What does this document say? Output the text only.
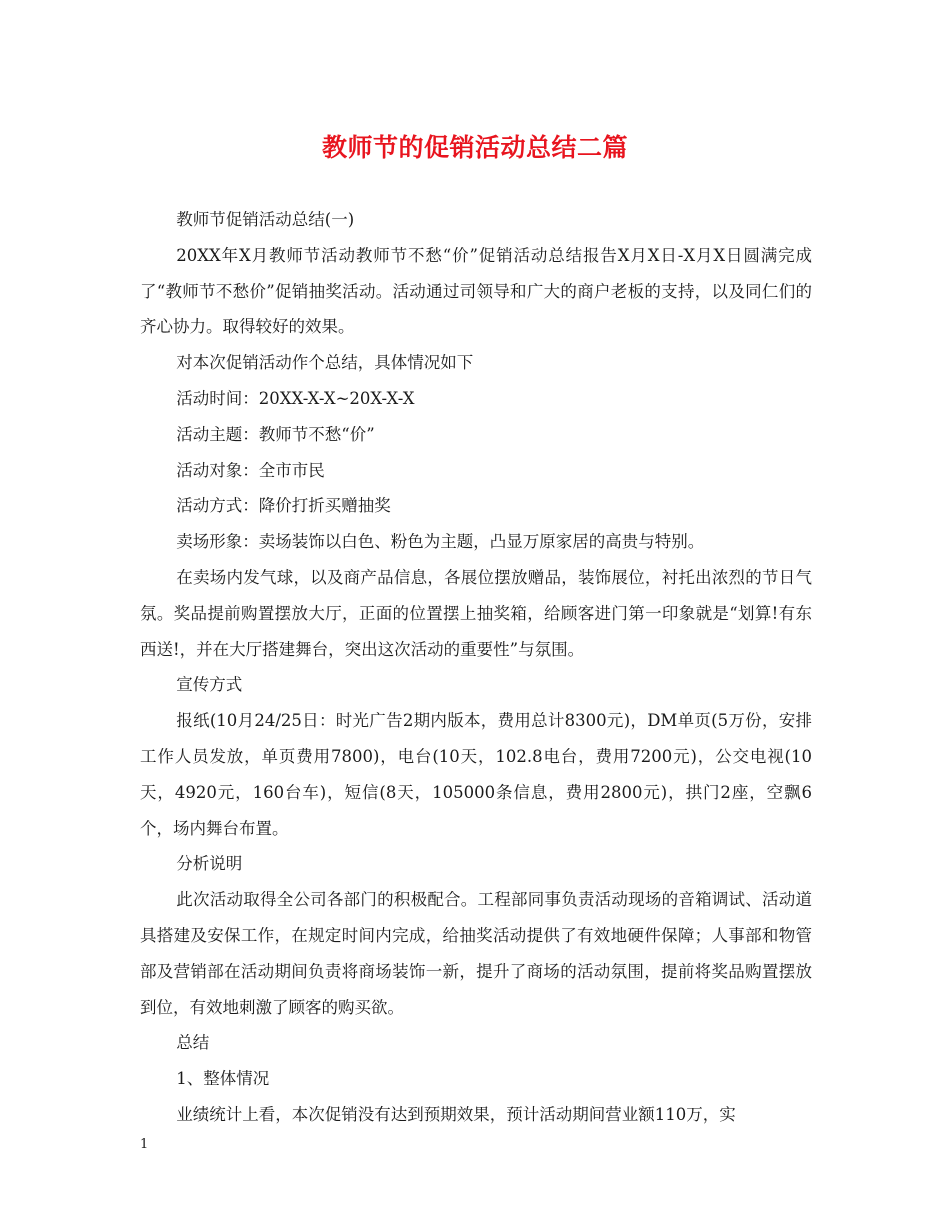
教师节的促销活动总结二篇

教师节促销活动总结(一)

20XX年X月教师节活动教师节不愁“价”促销活动总结报告X月X日-X月X日圆满完成了“教师节不愁价”促销抽奖活动。活动通过司领导和广大的商户老板的支持，以及同仁们的齐心协力。取得较好的效果。

对本次促销活动作个总结，具体情况如下

活动时间：20XX-X-X~20X-X-X

活动主题：教师节不愁“价”

活动对象：全市市民

活动方式：降价打折买赠抽奖

卖场形象：卖场装饰以白色、粉色为主题，凸显万原家居的高贵与特别。

在卖场内发气球，以及商产品信息，各展位摆放赠品，装饰展位，衬托出浓烈的节日气氛。奖品提前购置摆放大厅，正面的位置摆上抽奖箱，给顾客进门第一印象就是“划算!有东西送!，并在大厅搭建舞台，突出这次活动的重要性”与氛围。

宣传方式

报纸(10月24/25日：时光广告2期内版本，费用总计8300元)，DM单页(5万份，安排工作人员发放，单页费用7800)，电台(10天，102.8电台，费用7200元)，公交电视(10天，4920元，160台车)，短信(8天，105000条信息，费用2800元)，拱门2座，空飘6个，场内舞台布置。

分析说明

此次活动取得全公司各部门的积极配合。工程部同事负责活动现场的音箱调试、活动道具搭建及安保工作，在规定时间内完成，给抽奖活动提供了有效地硬件保障；人事部和物管部及营销部在活动期间负责将商场装饰一新，提升了商场的活动氛围，提前将奖品购置摆放到位，有效地刺激了顾客的购买欲。

总结

1、整体情况

业绩统计上看，本次促销没有达到预期效果，预计活动期间营业额110万，实

1
